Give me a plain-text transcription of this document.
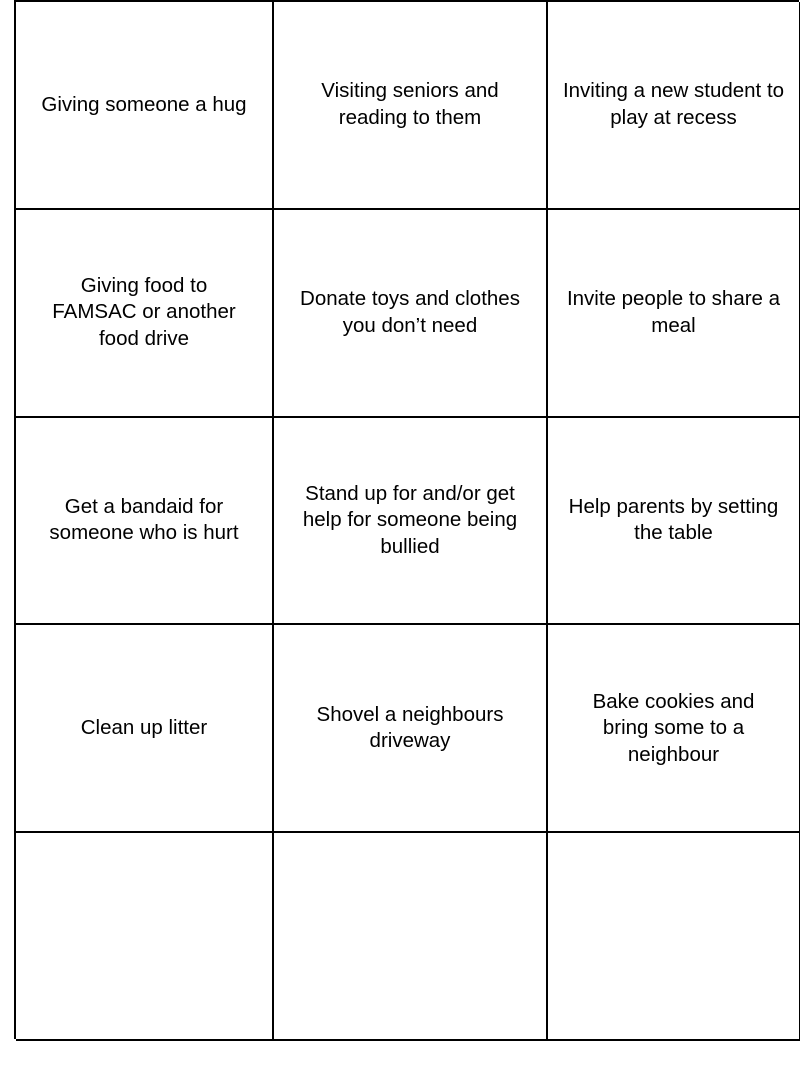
Giving someone a hug
Visiting seniors and reading to them
Inviting a new student to play at recess
Giving food to FAMSAC or another food drive
Donate toys and clothes you don’t need
Invite people to share a meal
Get a bandaid for someone who is hurt
Stand up for and/or get help for someone being bullied
Help parents by setting the table
Clean up litter
Shovel a neighbours driveway
Bake cookies and bring some to a neighbour
